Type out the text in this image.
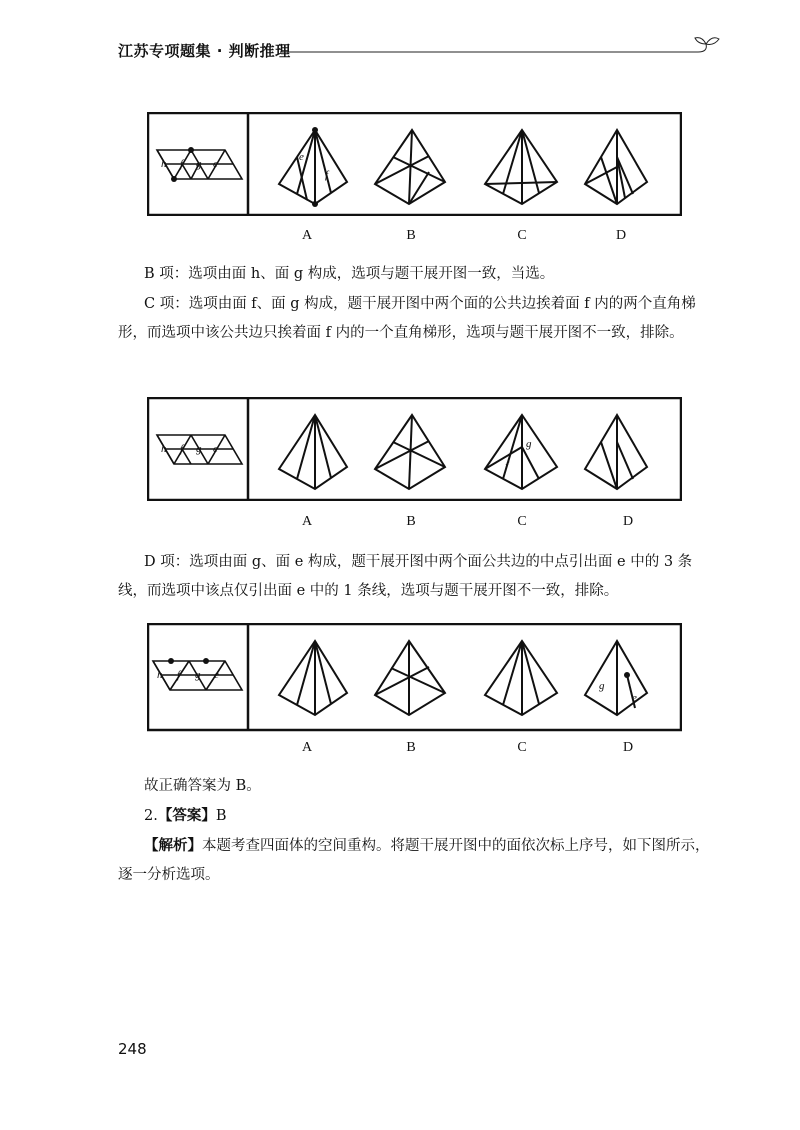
江苏专项题集 · 判断推理
h f g e
e
f
A	B	C	D

B 项：选项由面 h、面 g 构成，选项与题干展开图一致，当选。

C 项：选项由面 f、面 g 构成，题干展开图中两个面的公共边挨着面 f 内的两个直角梯形，而选项中该公共边只挨着面 f 内的一个直角梯形，选项与题干展开图不一致，排除。

h f g e	g
f
A	B	C	D

D 项：选项由面 g、面 e 构成，题干展开图中两个面公共边的中点引出面 e 中的 3 条线，而选项中该点仅引出面 e 中的 1 条线，选项与题干展开图不一致，排除。

h f g e
g
e
A	B	C	D

故正确答案为 B。

2.【答案】B

【解析】本题考查四面体的空间重构。将题干展开图中的面依次标上序号，如下图所示，逐一分析选项。

248
